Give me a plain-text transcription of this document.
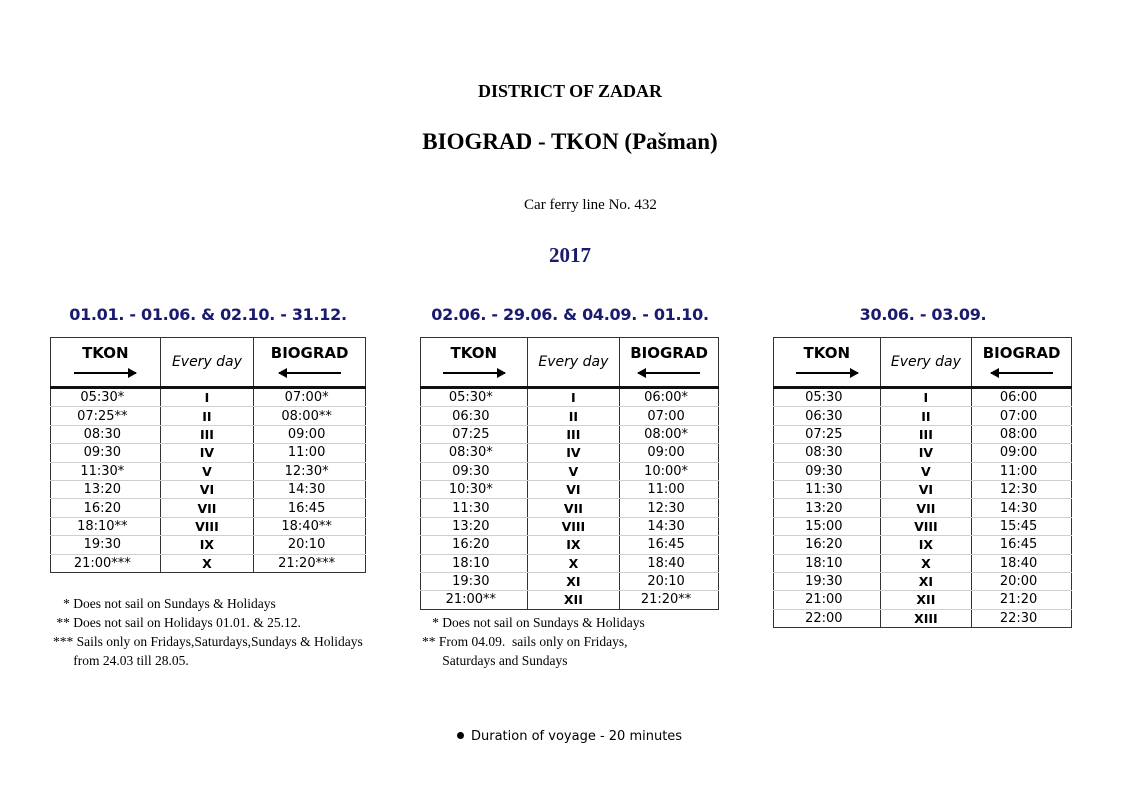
DISTRICT OF ZADAR
BIOGRAD - TKON (Pašman)
Car ferry line No. 432
2017
01.01. - 01.06. & 02.10. - 31.12.
TKON	Every day	BIOGRAD

05:30*	I	07:00*
07:25**	II	08:00**
08:30	III	09:00
09:30	IV	11:00
11:30*	V	12:30*
13:20	VI	14:30
16:20	VII	16:45
18:10**	VIII	18:40**
19:30	IX	20:10
21:00***	X	21:20***
* Does not sail on Sundays & Holidays
** Does not sail on Holidays 01.01. & 25.12.
*** Sails only on Fridays,Saturdays,Sundays & Holidays
from 24.03 till 28.05.
02.06. - 29.06. & 04.09. - 01.10.
TKON	Every day	BIOGRAD

05:30*	I	06:00*
06:30	II	07:00
07:25	III	08:00*
08:30*	IV	09:00
09:30	V	10:00*
10:30*	VI	11:00
11:30	VII	12:30
13:20	VIII	14:30
16:20	IX	16:45
18:10	X	18:40
19:30	XI	20:10
21:00**	XII	21:20**
* Does not sail on Sundays & Holidays
** From 04.09.  sails only on Fridays,
Saturdays and Sundays
30.06. - 03.09.
TKON	Every day	BIOGRAD

05:30	I	06:00
06:30	II	07:00
07:25	III	08:00
08:30	IV	09:00
09:30	V	11:00
11:30	VI	12:30
13:20	VII	14:30
15:00	VIII	15:45
16:20	IX	16:45
18:10	X	18:40
19:30	XI	20:00
21:00	XII	21:20
22:00	XIII	22:30
Duration of voyage - 20 minutes
